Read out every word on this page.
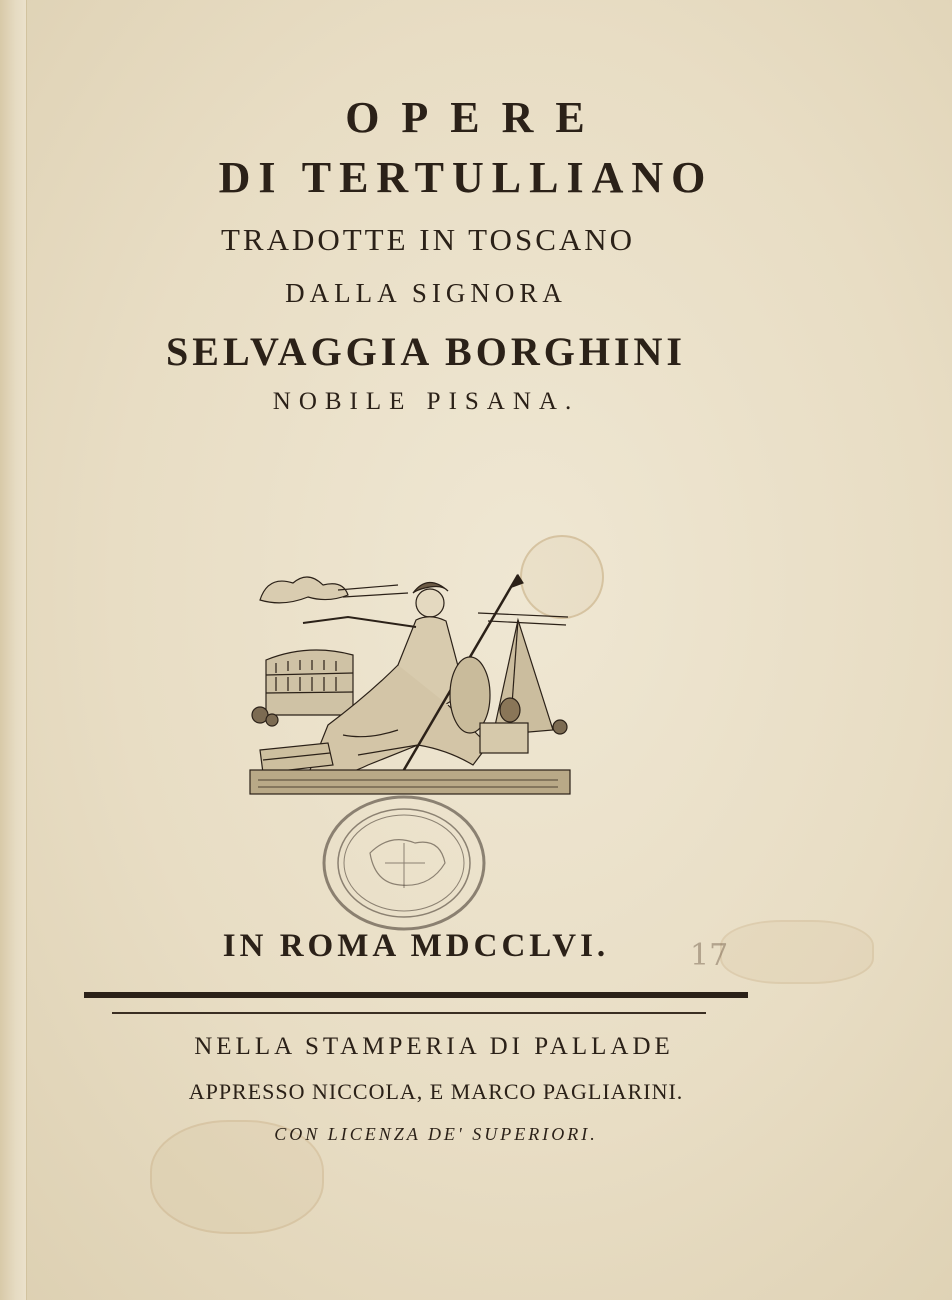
OPERE
DI TERTULLIANO
TRADOTTE IN TOSCANO
DALLA SIGNORA
SELVAGGIA BORGHINI
NOBILE PISANA.
IN ROMA MDCCLVI.	17
NELLA STAMPERIA DI PALLADE
APPRESSO NICCOLA, E MARCO PAGLIARINI.
CON LICENZA DE' SUPERIORI.
